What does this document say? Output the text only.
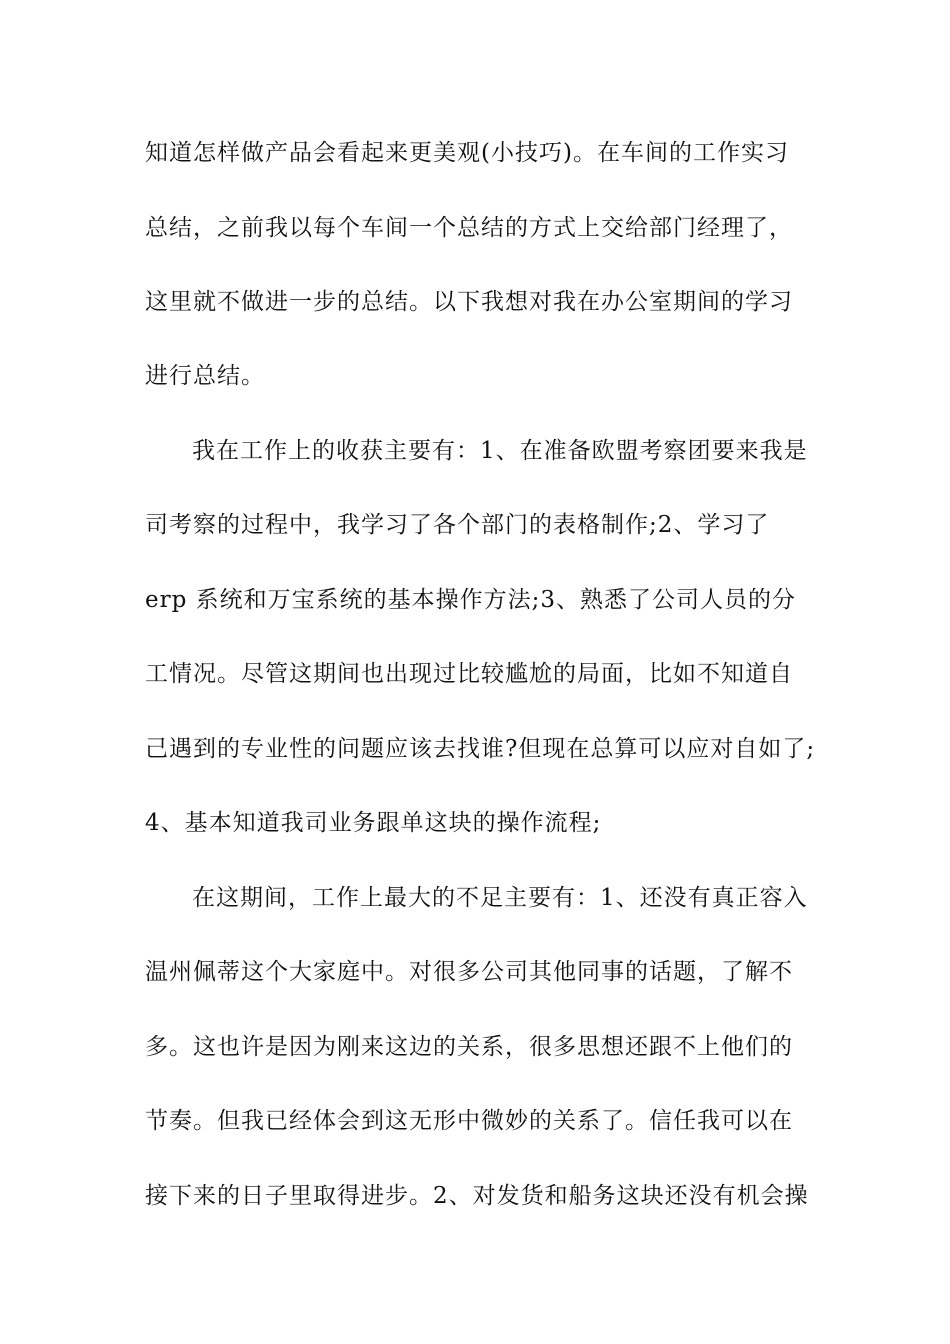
知道怎样做产品会看起来更美观(小技巧)。在车间的工作实习
总结，之前我以每个车间一个总结的方式上交给部门经理了，
这里就不做进一步的总结。以下我想对我在办公室期间的学习
进行总结。
我在工作上的收获主要有：1、在准备欧盟考察团要来我是
司考察的过程中，我学习了各个部门的表格制作;2、学习了
erp 系统和万宝系统的基本操作方法;3、熟悉了公司人员的分
工情况。尽管这期间也出现过比较尴尬的局面，比如不知道自
己遇到的专业性的问题应该去找谁?但现在总算可以应对自如了;
4、基本知道我司业务跟单这块的操作流程;
在这期间，工作上最大的不足主要有：1、还没有真正容入
温州佩蒂这个大家庭中。对很多公司其他同事的话题，了解不
多。这也许是因为刚来这边的关系，很多思想还跟不上他们的
节奏。但我已经体会到这无形中微妙的关系了。信任我可以在
接下来的日子里取得进步。2、对发货和船务这块还没有机会操
